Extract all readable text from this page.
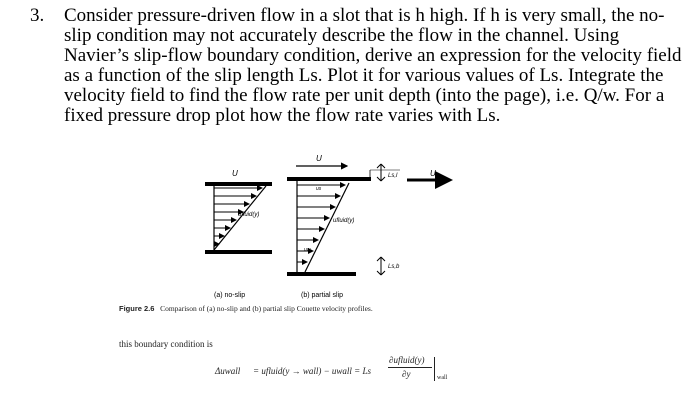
3. Consider pressure-driven flow in a slot that is h high. If h is very small, the no-
slip condition may not accurately describe the flow in the channel. Using
Navier’s slip-flow boundary condition, derive an expression for the velocity field
as a function of the slip length Ls. Plot it for various values of Ls. Integrate the
velocity field to find the flow rate per unit depth (into the page), i.e. Q/w. For a
fixed pressure drop plot how the flow rate varies with Ls.
U
ufluid(y)
(a) no-slip
U
us
ufluid(y)
uw
U
Ls,l
Ls,b
(b) partial slip
Figure 2.6 Comparison of (a) no-slip and (b) partial slip Couette velocity profiles.
this boundary condition is
Δuwall = ufluid(y → wall) − uwall = Ls
∂ufluid(y)
∂y	wall
